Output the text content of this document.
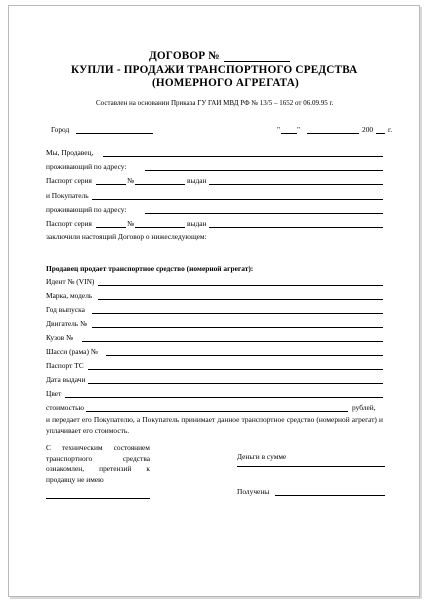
ДОГОВОР №
КУПЛИ - ПРОДАЖИ ТРАНСПОРТНОГО СРЕДСТВА
(НОМЕРНОГО АГРЕГАТА)
Составлен на основании Приказа ГУ ГАИ МВД РФ № 13/5 – 1652 от 06.09.95 г.
Город	" "	200 г.
Мы, Продавец,
проживающий по адресу:
Паспорт серия	№	выдан
и Покупатель
проживающий по адресу:
Паспорт серия	№	выдан
заключили настоящий Договор о нижеследующем:
Продавец продает транспортное средство (номерной агрегат):
Идент № (VIN)
Марка, модель
Год выпуска
Двигатель №
Кузов №
Шасси (рама) №
Паспорт ТС
Дата выдачи
Цвет
стоимостью	рублей,
и передает его Покупателю, а Покупатель принимает данное транспортное средство (номерной агрегат) и уплачивает его стоимость.
С техническим состоянием транспортного средства ознакомлен, претензий к продавцу не имею
Деньги в сумме
Получены
